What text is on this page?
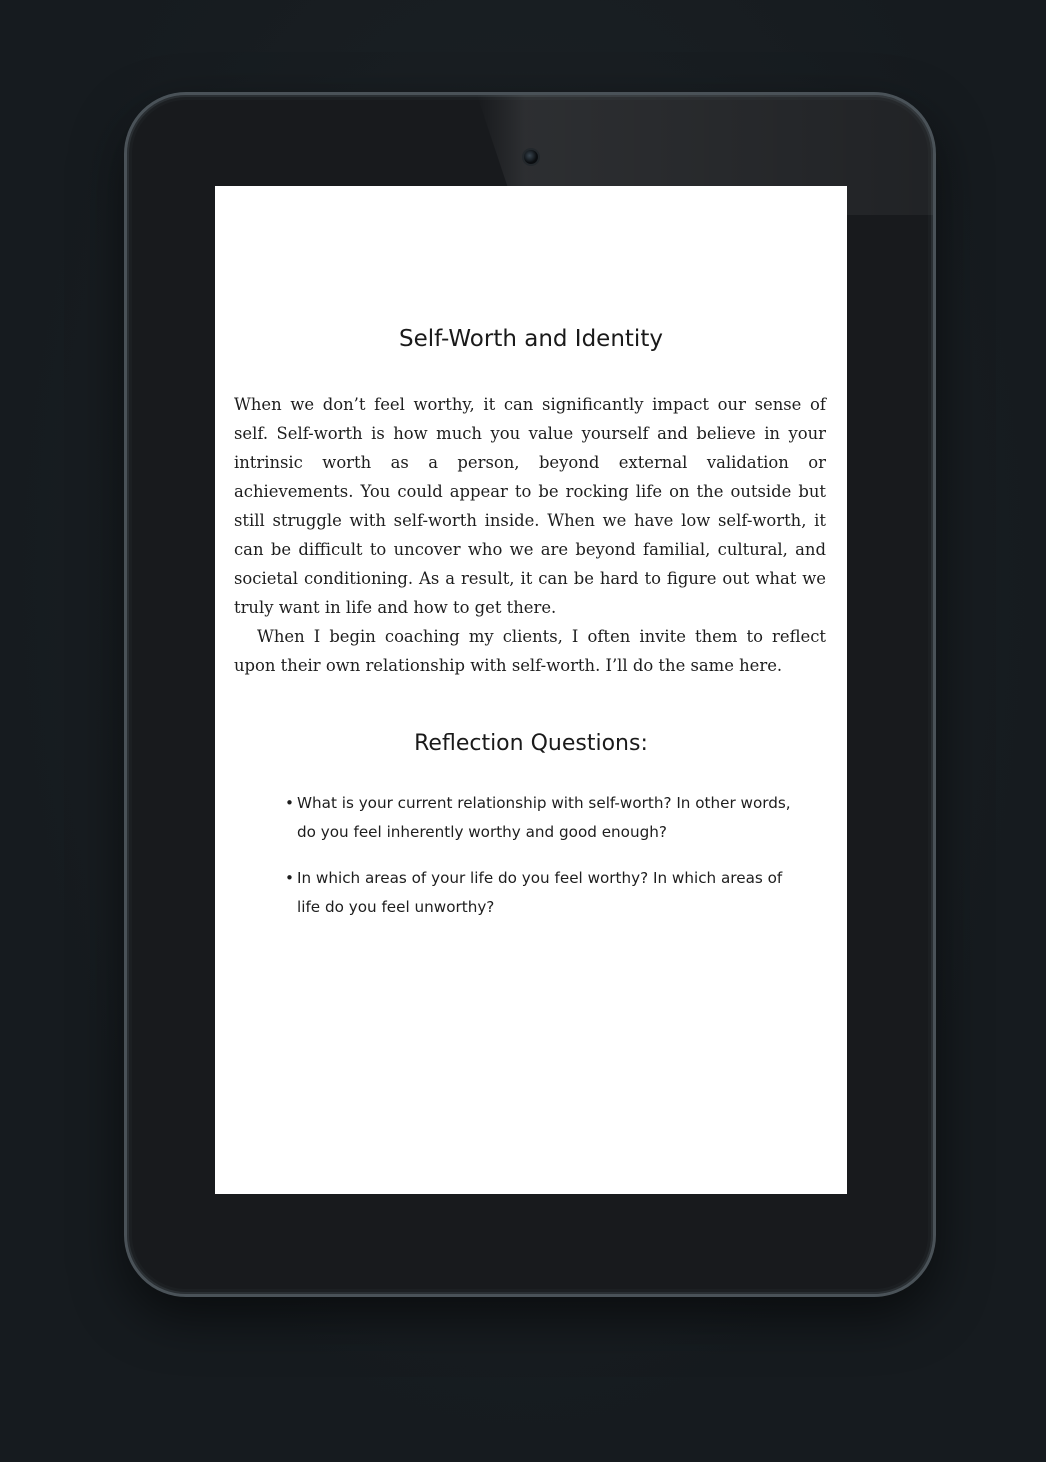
Self-Worth and Identity

When we don’t feel worthy, it can significantly impact our sense of self. Self-worth is how much you value yourself and believe in your intrinsic worth as a person, beyond external validation or achievements. You could appear to be rocking life on the outside but still struggle with self-worth inside. When we have low self-worth, it can be difficult to uncover who we are beyond familial, cultural, and societal conditioning. As a result, it can be hard to figure out what we truly want in life and how to get there.

When I begin coaching my clients, I often invite them to reflect upon their own relationship with self-worth. I’ll do the same here.

Reflection Questions:
• What is your current relationship with self-worth? In other words, do you feel inherently worthy and good enough?
• In which areas of your life do you feel worthy? In which areas of life do you feel unworthy?
